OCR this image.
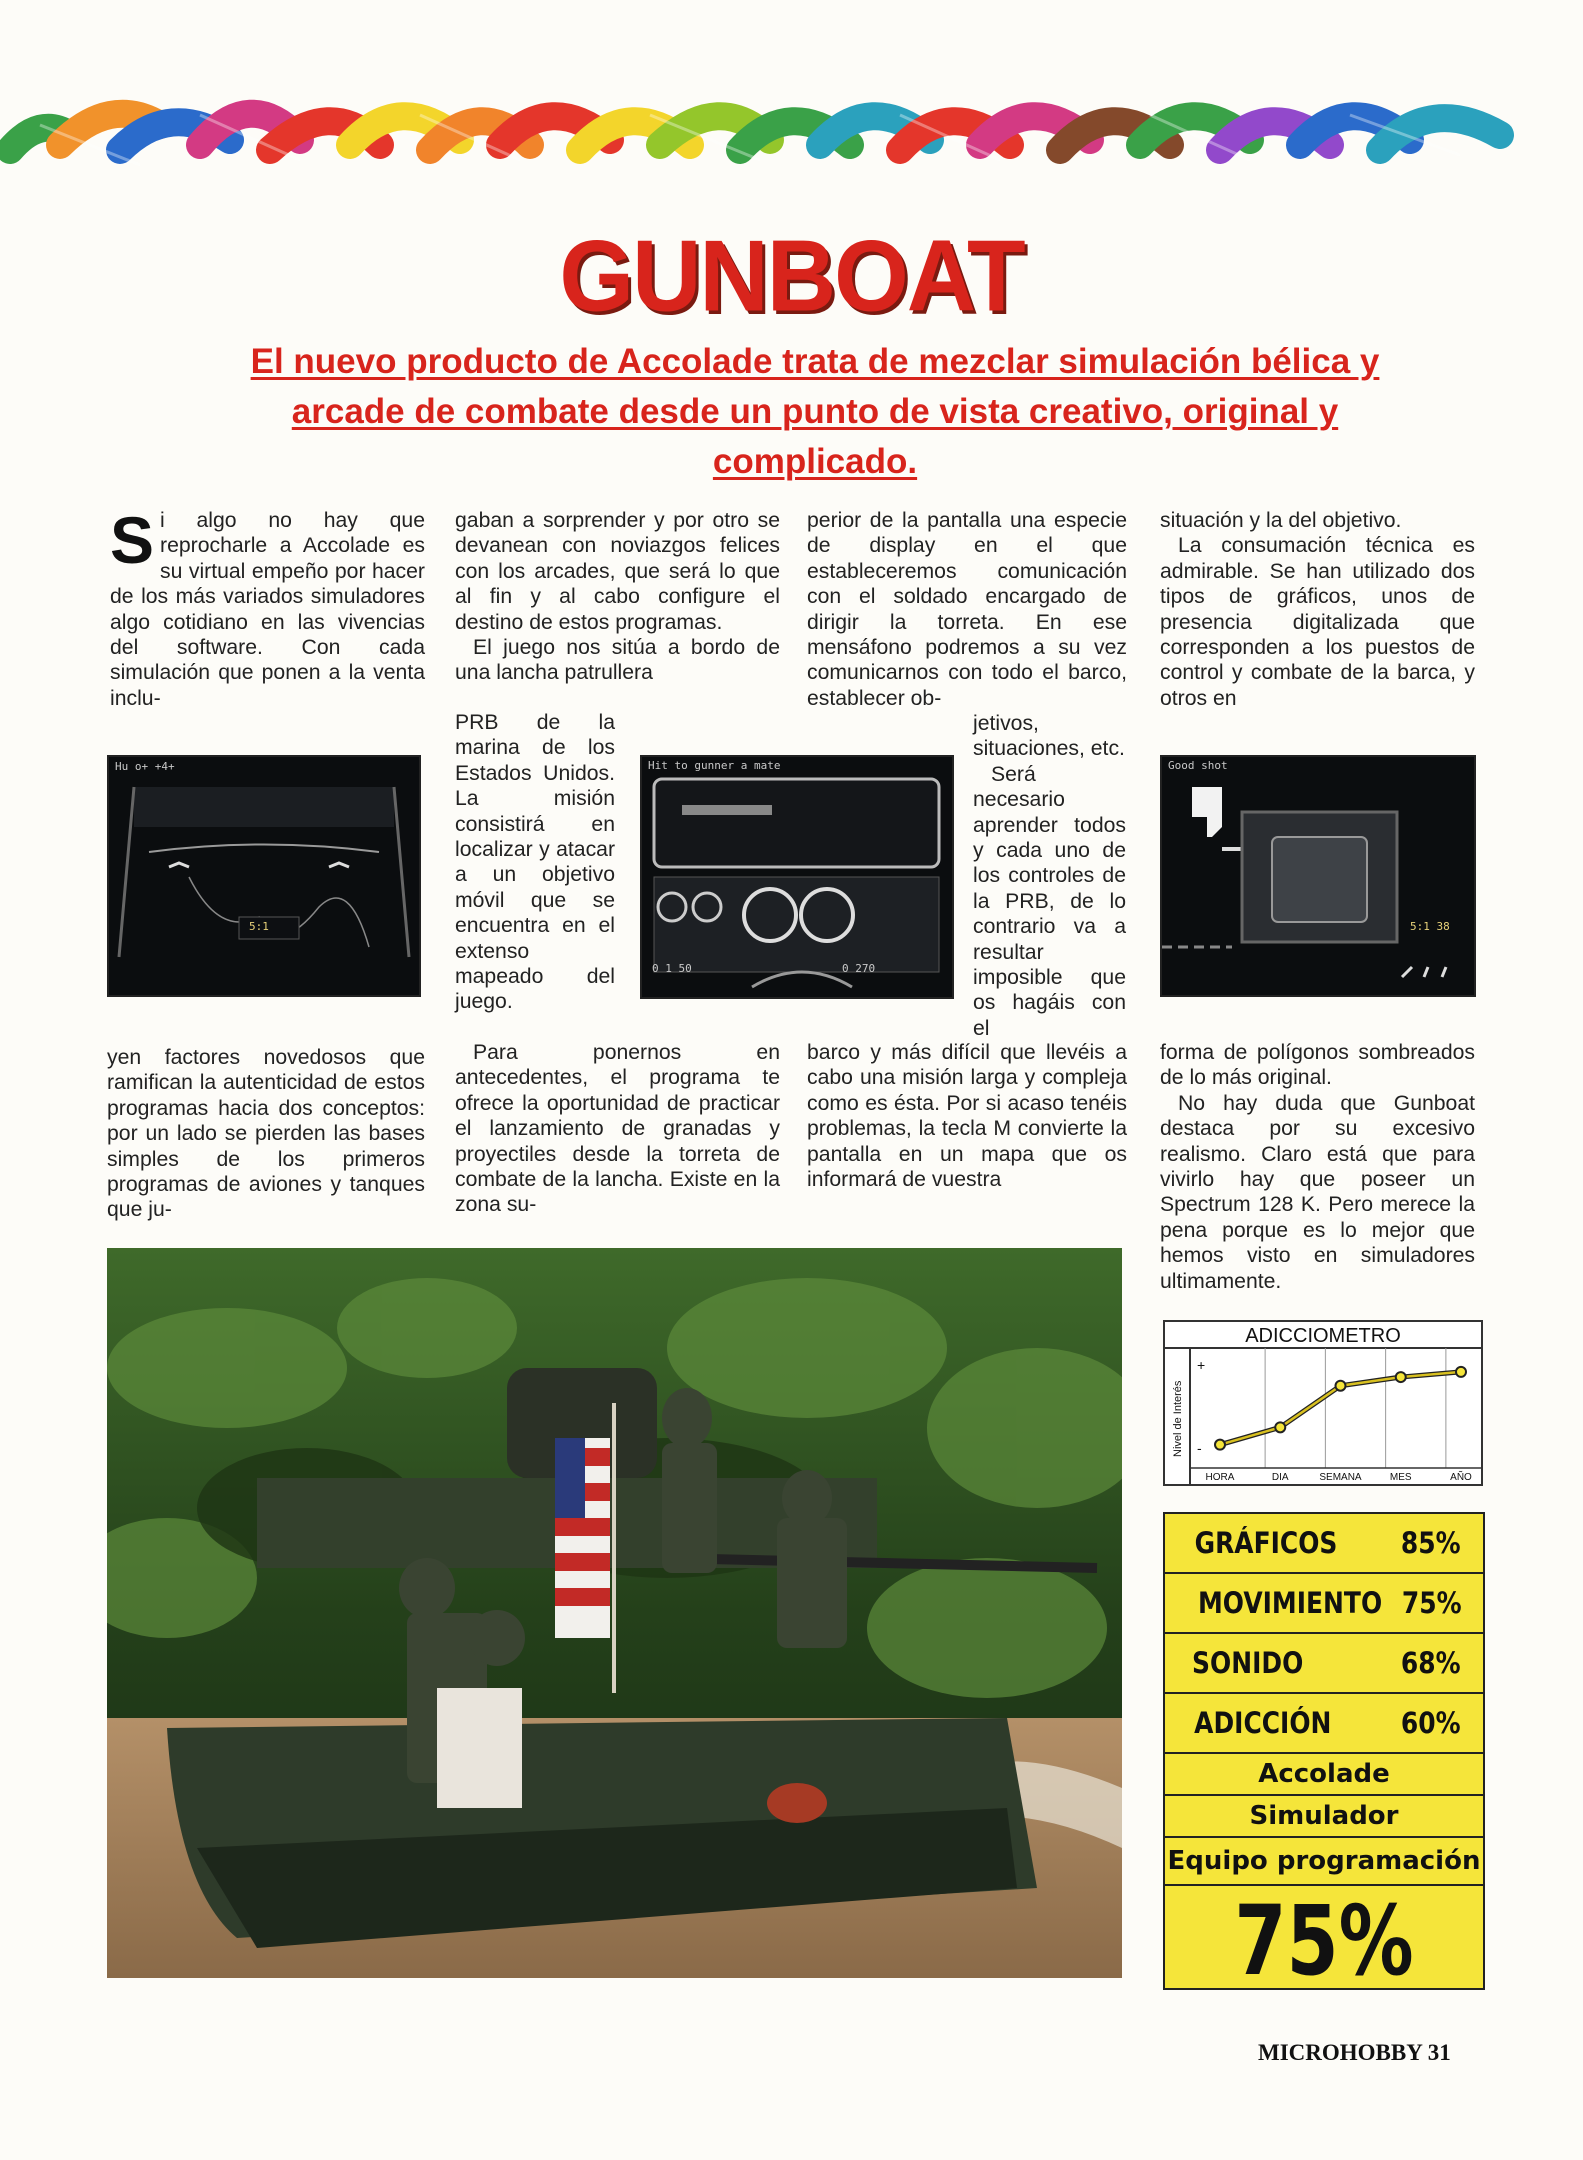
GUNBOAT
El nuevo producto de Accolade trata de mezclar simulación bélica y arcade de combate desde un punto de vista creativo, original y complicado.
S i algo no hay que reprocharle a Accolade es su virtual empeño por hacer de los más variados simuladores algo cotidiano en las vivencias del software. Con cada simulación que ponen a la venta inclu-

yen factores novedosos que ramifican la autenticidad de estos programas hacia dos conceptos: por un lado se pierden las bases simples de los primeros programas de aviones y tanques que ju-

gaban a sorprender y por otro se devanean con noviazgos felices con los arcades, que será lo que al fin y al cabo configure el destino de estos programas.

El juego nos sitúa a bordo de una lancha patrullera

PRB de la marina de los Estados Unidos. La misión consistirá en localizar y atacar a un objetivo móvil que se encuentra en el extenso mapeado del juego.

Para ponernos en antecedentes, el programa te ofrece la oportunidad de practicar el lanzamiento de granadas y proyectiles desde la torreta de combate de la lancha. Existe en la zona su-

perior de la pantalla una especie de display en el que estableceremos comunicación con el soldado encargado de dirigir la torreta. En ese mensáfono podremos a su vez comunicarnos con todo el barco, establecer ob-

jetivos, situaciones, etc.

Será necesario aprender todos y cada uno de los controles de la PRB, de lo contrario va a resultar imposible que os hagáis con el

barco y más difícil que llevéis a cabo una misión larga y compleja como es ésta. Por si acaso tenéis problemas, la tecla M convierte la pantalla en un mapa que os informará de vuestra

situación y la del objetivo.

La consumación técnica es admirable. Se han utilizado dos tipos de gráficos, unos de presencia digitalizada que corresponden a los puestos de control y combate de la barca, y otros en

forma de polígonos sombreados de lo más original.

No hay duda que Gunboat destaca por su excesivo realismo. Claro está que para vivirlo hay que poseer un Spectrum 128 K. Pero merece la pena porque es lo mejor que hemos visto en simuladores ultimamente.

Hu o+ +4+
5:1
Hit to gunner a mate
0 1 50	0 270
Good shot
5:1 38
ADICCIOMETRO
Nivel de Interés
+
-
HORA	DIA	SEMANA	MES	AÑO
GRÁFICOS 85%
MOVIMIENTO 75%
SONIDO	68%
ADICCIÓN 60%
Accolade
Simulador
Equipo programación
75%
MICROHOBBY 31
